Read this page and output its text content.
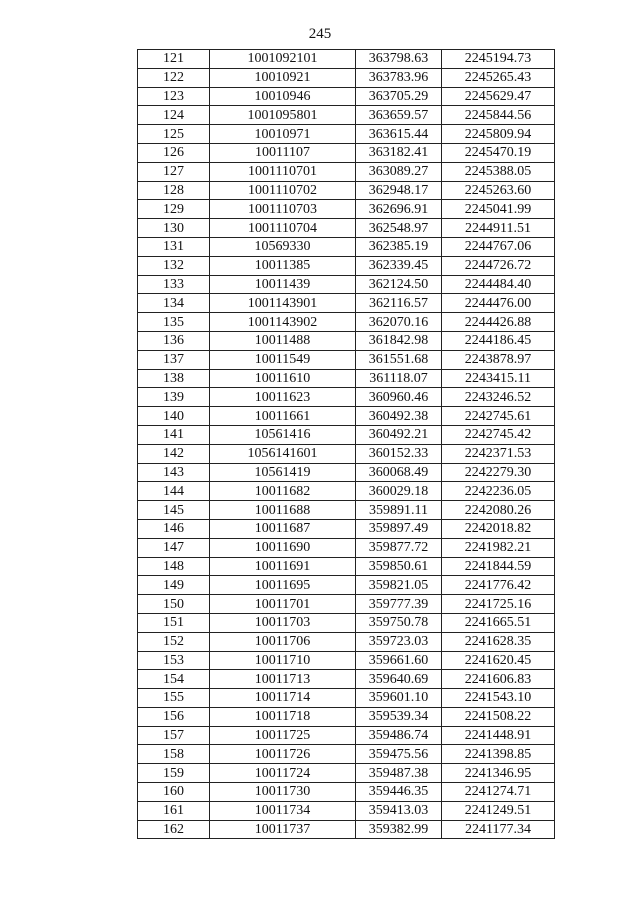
245
121	1001092101	363798.63	2245194.73
122	10010921	363783.96	2245265.43
123	10010946	363705.29	2245629.47
124	1001095801	363659.57	2245844.56
125	10010971	363615.44	2245809.94
126	10011107	363182.41	2245470.19
127	1001110701	363089.27	2245388.05
128	1001110702	362948.17	2245263.60
129	1001110703	362696.91	2245041.99
130	1001110704	362548.97	2244911.51
131	10569330	362385.19	2244767.06
132	10011385	362339.45	2244726.72
133	10011439	362124.50	2244484.40
134	1001143901	362116.57	2244476.00
135	1001143902	362070.16	2244426.88
136	10011488	361842.98	2244186.45
137	10011549	361551.68	2243878.97
138	10011610	361118.07	2243415.11
139	10011623	360960.46	2243246.52
140	10011661	360492.38	2242745.61
141	10561416	360492.21	2242745.42
142	1056141601	360152.33	2242371.53
143	10561419	360068.49	2242279.30
144	10011682	360029.18	2242236.05
145	10011688	359891.11	2242080.26
146	10011687	359897.49	2242018.82
147	10011690	359877.72	2241982.21
148	10011691	359850.61	2241844.59
149	10011695	359821.05	2241776.42
150	10011701	359777.39	2241725.16
151	10011703	359750.78	2241665.51
152	10011706	359723.03	2241628.35
153	10011710	359661.60	2241620.45
154	10011713	359640.69	2241606.83
155	10011714	359601.10	2241543.10
156	10011718	359539.34	2241508.22
157	10011725	359486.74	2241448.91
158	10011726	359475.56	2241398.85
159	10011724	359487.38	2241346.95
160	10011730	359446.35	2241274.71
161	10011734	359413.03	2241249.51
162	10011737	359382.99	2241177.34
